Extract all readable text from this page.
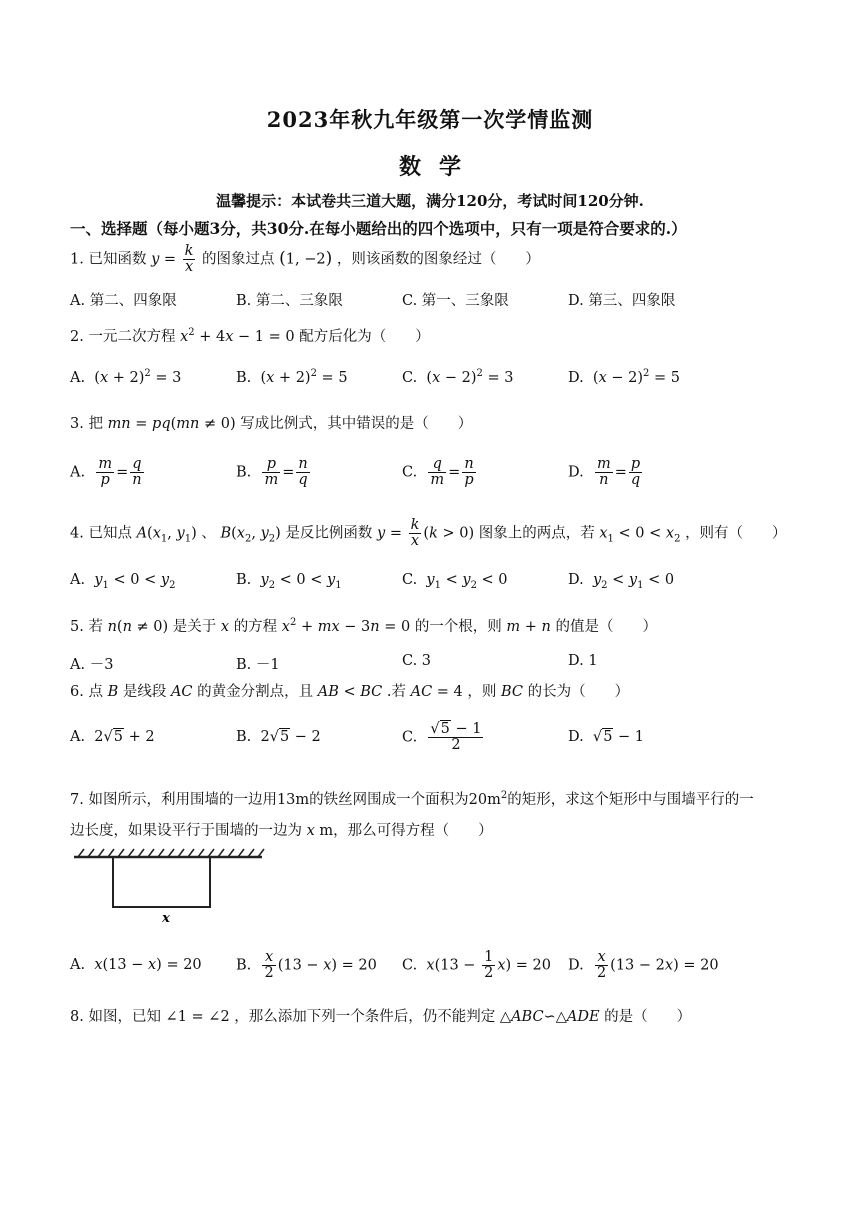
2023年秋九年级第一次学情监测
数学
温馨提示：本试卷共三道大题，满分120分，考试时间120分钟.
一、选择题（每小题3分，共30分.在每小题给出的四个选项中，只有一项是符合要求的.）
1. 已知函数 $y = \frac{k}{x}$ 的图象过点 (1, −2) ，则该函数的图象经过（　　）
A. 第二、四象限	B. 第二、三象限	C. 第一、三象限	D. 第三、四象限
2. 一元二次方程 $x^2 + 4x - 1 = 0$ 配方后化为（　　）
A.  $(x + 2)^2 = 3$	B.  $(x + 2)^2 = 5$	C.  $(x - 2)^2 = 3$	D.  $(x - 2)^2 = 5$
3. 把 mn = pq(mn ≠ 0) 写成比例式，其中错误的是（　　）
A. $\frac{m}{p} = \frac{q}{n}$	B. $\frac{p}{m} = \frac{n}{q}$	C. $\frac{q}{m} = \frac{n}{p}$	D. $\frac{m}{n} = \frac{p}{q}$
4. 已知点 $A(x_1$, $y_1$) 、 $B(x_2$, $y_2$) 是反比例函数 $y = \frac{k}{x} (k > 0)$ 图象上的两点，若 $x_1 < 0 < x_2$ ，则有（　　）
A.  $y_1 < 0 < y_2$	B.  $y_2 < 0 < y_1$	C.  $y_1 < y_2 < 0$	D.  $y_2 < y_1 < 0$
5. 若 n(n ≠ 0) 是关于 x 的方程 $x^2$ + mx − 3n = 0 的一个根，则 m + n 的值是（　　）
A. －3	B. －1	C. 3	D. 1
6. 点 B 是线段 AC 的黄金分割点，且 AB < BC .若 AC = 4 ，则 BC 的长为（　　）
A.  2√5 + 2	B.  2√5 − 2	C. $\frac{√5 - 1}{2}$	D.  √5 − 1
7. 如图所示，利用围墙的一边用13m的铁丝网围成一个面积为$20m^2$的矩形，求这个矩形中与围墙平行的一
边长度，如果设平行于围墙的一边为 x m，那么可得方程（　　）
x
A.  x(13 − x) = 20 B. $\frac{x}{2} (13 - x) = 20$ C.  $x(13 - \frac{1}{2} x) = 20$ D. $\frac{x}{2} (13 - 2x) = 20$
8. 如图，已知 ∠1 = ∠2 ，那么添加下列一个条件后，仍不能判定 △ABC∽△ADE 的是（　　）
